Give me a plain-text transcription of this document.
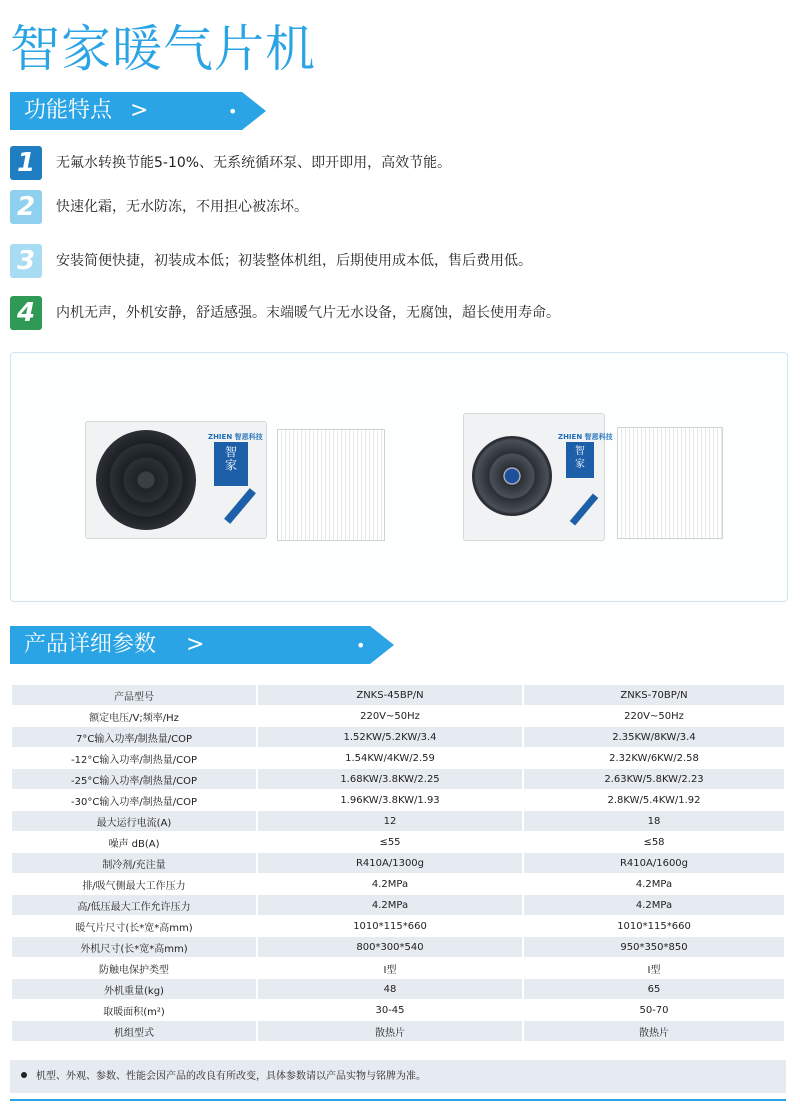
智家暖气片机
•
功能特点 >
1	无氟水转换节能5-10%、无系统循环泵、即开即用，高效节能。
2	快速化霜，无水防冻，不用担心被冻坏。
3	安装简便快捷，初装成本低；初装整体机组，后期使用成本低，售后费用低。
4	内机无声，外机安静，舒适感强。末端暖气片无水设备，无腐蚀，超长使用寿命。
ZHIEN 智恩科技
智
家
ZHIEN 智恩科技
智
家
•
产品详细参数 >
产品型号	ZNKS-45BP/N	ZNKS-70BP/N
额定电压/V;频率/Hz	220V~50Hz	220V~50Hz
7°C输入功率/制热量/COP	1.52KW/5.2KW/3.4	2.35KW/8KW/3.4
-12°C输入功率/制热量/COP	1.54KW/4KW/2.59	2.32KW/6KW/2.58
-25°C输入功率/制热量/COP	1.68KW/3.8KW/2.25	2.63KW/5.8KW/2.23
-30°C输入功率/制热量/COP	1.96KW/3.8KW/1.93	2.8KW/5.4KW/1.92
最大运行电流(A)	12	18
噪声 dB(A)	≤55	≤58
制冷剂/充注量	R410A/1300g	R410A/1600g
排/吸气侧最大工作压力	4.2MPa	4.2MPa
高/低压最大工作允许压力	4.2MPa	4.2MPa
暖气片尺寸(长*宽*高mm)	1010*115*660	1010*115*660
外机尺寸(长*宽*高mm)	800*300*540	950*350*850
防触电保护类型	I型	I型
外机重量(kg)	48	65
取暖面积(m²)	30-45	50-70
机组型式	散热片	散热片
机型、外观、参数、性能会因产品的改良有所改变，具体参数请以产品实物与铭牌为准。
